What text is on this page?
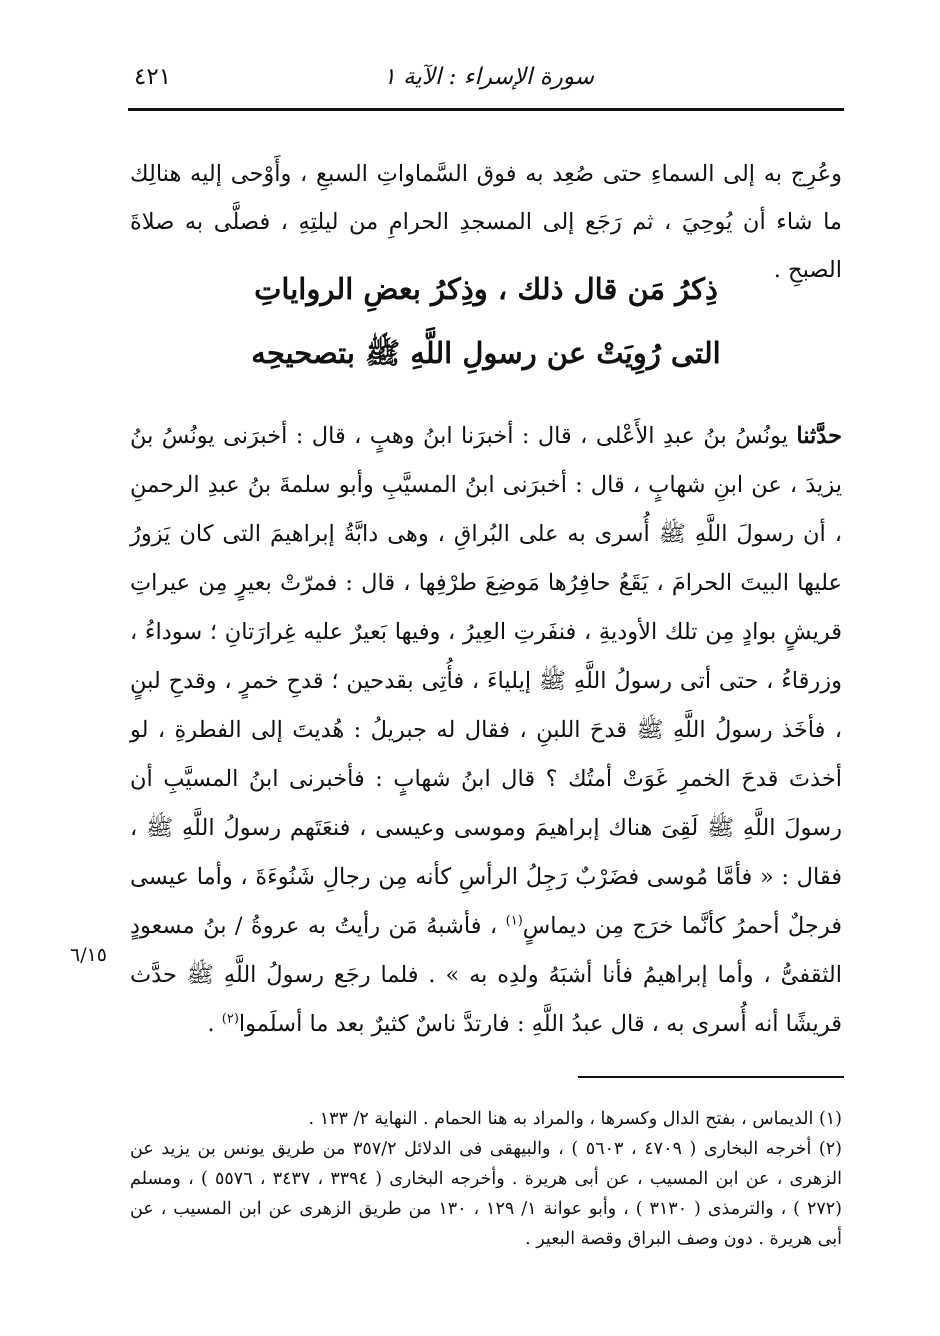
٤٢١	سورة الإسراء : الآية ١
وعُرِج به إلى السماءِ حتى صُعِد به فوق السَّماواتِ السبعِ ، وأَوْحى إليه هنالِك ما شاء أن يُوحِيَ ، ثم رَجَع إلى المسجدِ الحرامِ من ليلتِهِ ، فصلَّى به صلاةَ الصبحِ .
ذِكرُ مَن قال ذلك ، وذِكرُ بعضِ الرواياتِ
التى رُوِيَتْ عن رسولِ اللَّهِ ﷺ بتصحيحِه
حدَّثنا يونُسُ بنُ عبدِ الأَعْلى ، قال : أخبرَنا ابنُ وهبٍ ، قال : أخبرَنى يونُسُ بنُ يزيدَ ، عن ابنِ شهابٍ ، قال : أخبرَنى ابنُ المسيَّبِ وأبو سلمةَ بنُ عبدِ الرحمنِ ، أن رسولَ اللَّهِ ﷺ أُسرى به على البُراقِ ، وهى دابَّةُ إبراهيمَ التى كان يَزورُ عليها البيتَ الحرامَ ، يَقَعُ حافِرُها مَوضِعَ طرْفِها ، قال : فمرّتْ بعيرٍ مِن عيراتِ قريشٍ بوادٍ مِن تلك الأوديةِ ، فنفَرتِ العِيرُ ، وفيها بَعيرٌ عليه غِرارَتانِ ؛ سوداءُ ، وزرقاءُ ، حتى أتى رسولُ اللَّهِ ﷺ إيلياءَ ، فأُتِى بقدحين ؛ قدحِ خمرٍ ، وقدحِ لبنٍ ، فأخَذ رسولُ اللَّهِ ﷺ قدحَ اللبنِ ، فقال له جبريلُ : هُديتَ إلى الفطرةِ ، لو أخذتَ قدحَ الخمرِ غَوَتْ أمتُك ؟ قال ابنُ شهابٍ : فأخبرنى ابنُ المسيَّبِ أن رسولَ اللَّهِ ﷺ لَقِىَ هناك إبراهيمَ وموسى وعيسى ، فنعَتَهم رسولُ اللَّهِ ﷺ ، فقال : « فأمَّا مُوسى فضَرْبٌ رَجِلُ الرأسِ كأنه مِن رجالِ شَنُوءَةَ ، وأما عيسى فرجلٌ أحمرُ كأنَّما خرَج مِن ديماسٍ$^{(١)}$ ، فأشبهُ مَن رأيتُ به عروةُ / بنُ مسعودٍ الثقفىُّ ، وأما إبراهيمُ فأنا أشبَهُ ولدِه به » . فلما رجَع رسولُ اللَّهِ ﷺ حدَّث قريشًا أنه أُسرى به ، قال عبدُ اللَّهِ : فارتدَّ ناسٌ كثيرٌ بعد ما أسلَموا$^{(٢)}$ .
٦/١٥

(١) الديماس ، بفتح الدال وكسرها ، والمراد به هنا الحمام . النهاية ٢/ ١٣٣ .

(٢) أخرجه البخارى ( ٤٧٠٩ ، ٥٦٠٣ ) ، والبيهقى فى الدلائل ٣٥٧/٢ من طريق يونس بن يزيد عن الزهرى ، عن ابن المسيب ، عن أبى هريرة . وأخرجه البخارى ( ٣٣٩٤ ، ٣٤٣٧ ، ٥٥٧٦ ) ، ومسلم (٢٧٢ ) ، والترمذى ( ٣١٣٠ ) ، وأبو عوانة ١/ ١٢٩ ، ١٣٠ من طريق الزهرى عن ابن المسيب ، عن أبى هريرة . دون وصف البراق وقصة البعير .
